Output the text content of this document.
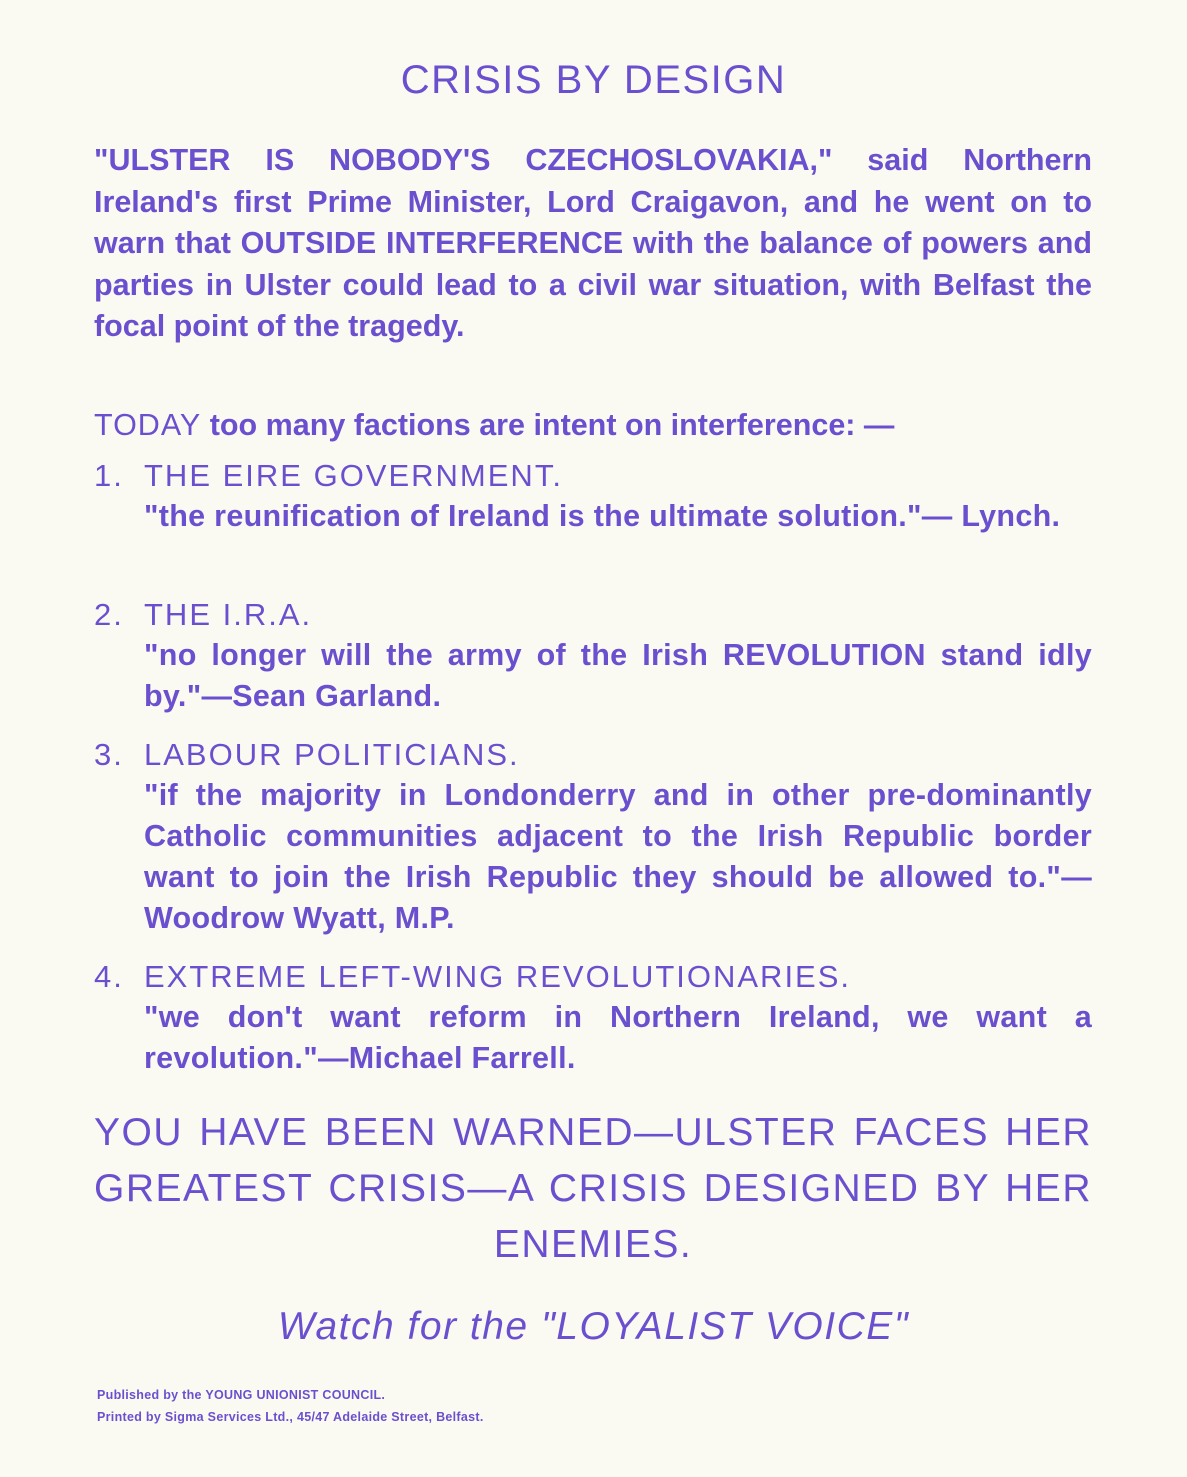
CRISIS BY DESIGN

"ULSTER IS NOBODY'S CZECHOSLOVAKIA," said Northern Ireland's first Prime Minister, Lord Craigavon, and he went on to warn that OUTSIDE INTERFERENCE with the balance of powers and parties in Ulster could lead to a civil war situation, with Belfast the focal point of the tragedy.

TODAY too many factions are intent on interference: —

1. THE EIRE GOVERNMENT.
"the reunification of Ireland is the ultimate solution."— Lynch.
2. THE I.R.A.
"no longer will the army of the Irish REVOLUTION stand idly by."—Sean Garland.
3. LABOUR POLITICIANS.
"if the majority in Londonderry and in other pre-dominantly Catholic communities adjacent to the Irish Republic border want to join the Irish Republic they should be allowed to."—Woodrow Wyatt, M.P.
4. EXTREME LEFT-WING REVOLUTIONARIES.
"we don't want reform in Northern Ireland, we want a revolution."—Michael Farrell.

YOU HAVE BEEN WARNED—ULSTER FACES HER GREATEST CRISIS—A CRISIS DESIGNED BY HER ENEMIES.

Watch for the "LOYALIST VOICE"
Published by the YOUNG UNIONIST COUNCIL.
Printed by Sigma Services Ltd., 45/47 Adelaide Street, Belfast.
